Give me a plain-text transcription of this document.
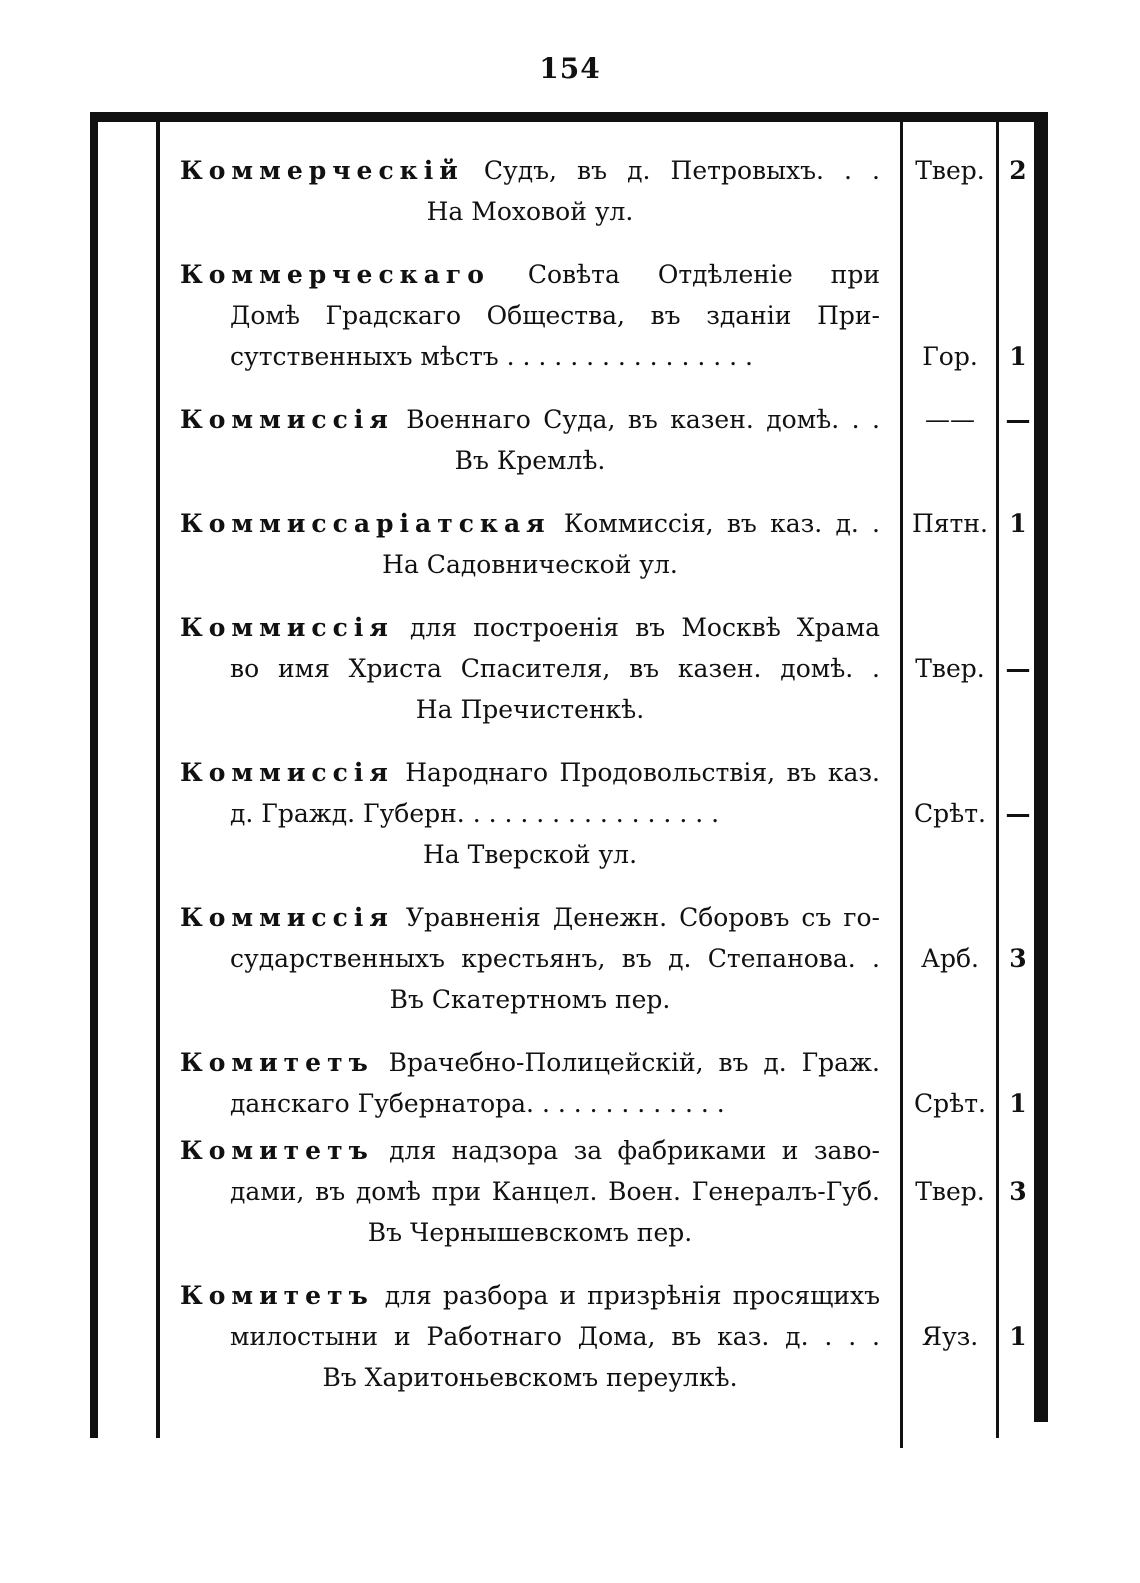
154
Коммерческій Судъ, въ д. Петровыхъ. . .	Твер. 2
На Моховой ул.
Коммерческаго Совѣта Отдѣленіе при
Домѣ Градскаго Общества, въ зданіи При-
сутственныхъ мѣстъ . . . . . . . . . . . . . . . .	Гор.	1
Коммиссія Военнаго Суда, въ казен. домѣ. . .	——	—
Въ Кремлѣ.
Коммиссаріатская Коммиссія, въ каз. д. .	Пятн. 1
На Садовнической ул.
Коммиссія для построенія въ Москвѣ Храма
во имя Христа Спасителя, въ казен. домѣ. .	Твер. —
На Пречистенкѣ.
Коммиссія Народнаго Продовольствія, въ каз.
д. Гражд. Губерн. . . . . . . . . . . . . . . . .	Срѣт. —
На Тверской ул.
Коммиссія Уравненія Денежн. Сборовъ съ го-
сударственныхъ крестьянъ, въ д. Степанова. .	Арб.	3
Въ Скатертномъ пер.
Комитетъ Врачебно-Полицейскій, въ д. Граж.
данскаго Губернатора. . . . . . . . . . . . .	Срѣт. 1
Комитетъ для надзора за фабриками и заво-
дами, въ домѣ при Канцел. Воен. Генералъ-Губ.	Твер. 3
Въ Чернышевскомъ пер.
Комитетъ для разбора и призрѣнія просящихъ
милостыни и Работнаго Дома, въ каз. д. . . .	Яуз.	1
Въ Харитоньевскомъ переулкѣ.
